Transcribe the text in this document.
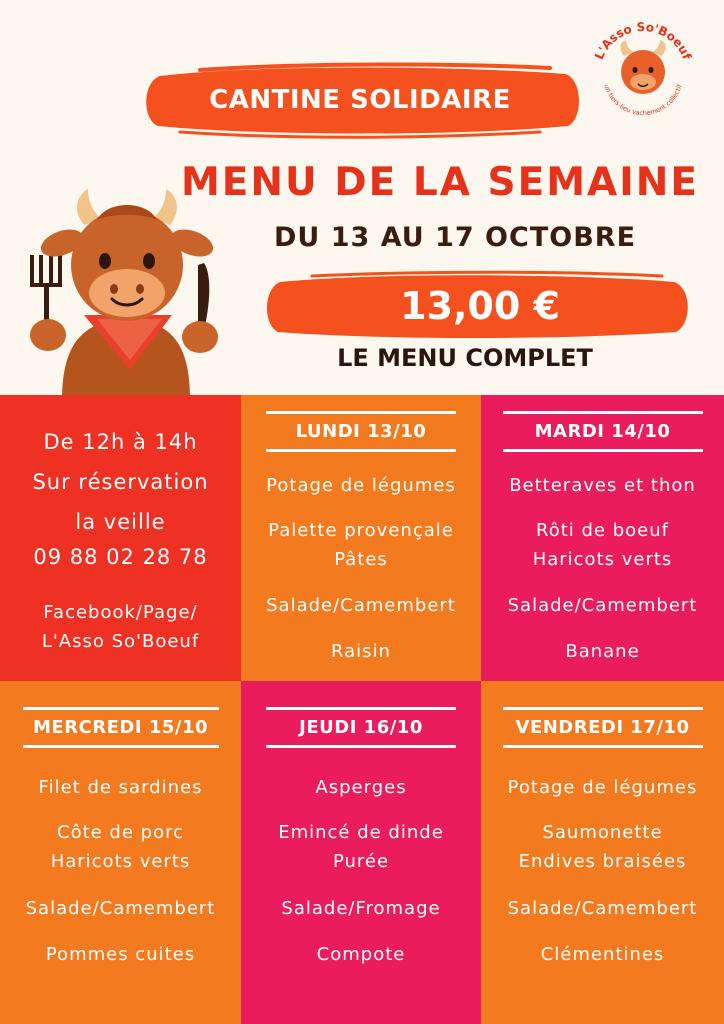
CANTINE SOLIDAIRE
MENU DE LA SEMAINE
DU 13 AU 17 OCTOBRE
13,00 €
LE MENU COMPLET
L'Asso So'Boeuf
un tiers-lieu vachement collectif
De 12h à 14h
Sur réservation
la veille
09 88 02 28 78
Facebook/Page/
L'Asso So'Boeuf
LUNDI 13/10
Potage de légumes
Palette provençale
Pâtes
Salade/Camembert
Raisin
MARDI 14/10
Betteraves et thon
Rôti de boeuf
Haricots verts
Salade/Camembert
Banane
MERCREDI 15/10
Filet de sardines
Côte de porc
Haricots verts
Salade/Camembert
Pommes cuites
JEUDI 16/10
Asperges
Emincé de dinde
Purée
Salade/Fromage
Compote
VENDREDI 17/10
Potage de légumes
Saumonette
Endives braisées
Salade/Camembert
Clémentines
